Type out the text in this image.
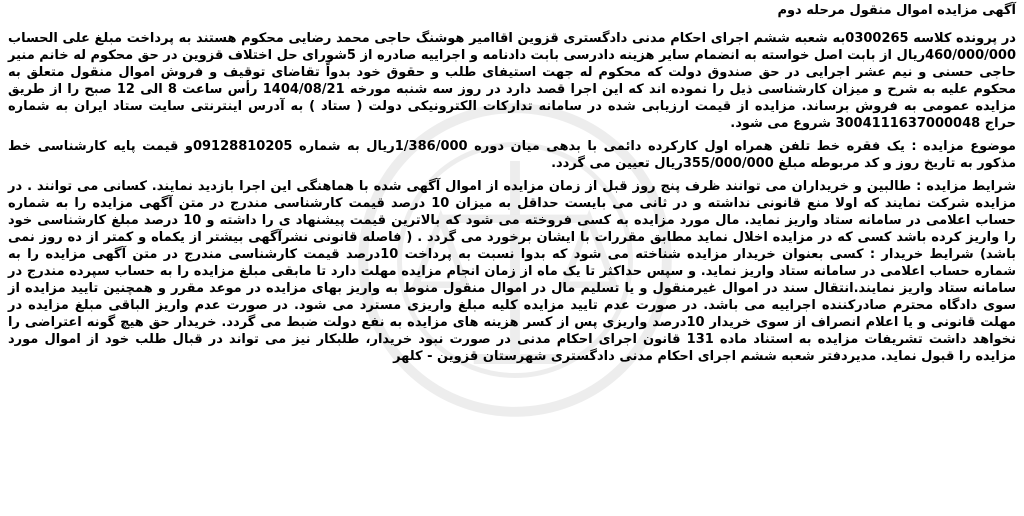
آگهی مزایده اموال منقول مرحله دوم
در پرونده کلاسه 0300265به شعبه ششم اجرای احکام مدنی دادگستری قزوین اقاامیر هوشنگ حاجی محمد رضایی محکوم هستند به پرداخت مبلغ علی الحساب 460/000/000ریال از بابت اصل خواسته به انضمام سایر هزینه دادرسی بابت دادنامه و اجراییه صادره از 5شورای حل اختلاف قزوین در حق محکوم له خانم منیر حاجی حسنی و نیم عشر اجرایی در حق صندوق دولت که محکوم له جهت استیفای طلب و حقوق خود بدواً تقاضای توقیف و فروش اموال منقول متعلق به محکوم علیه به شرح و میزان کارشناسی ذیل را نموده اند که این اجرا قصد دارد در روز سه شنبه مورخه 1404/08/21 رأس ساعت 8 الی 12 صبح را از طریق مزایده عمومی به فروش برساند. مزایده از قیمت ارزیابی شده در سامانه تدارکات الکترونیکی دولت ( ستاد ) به آدرس اینترنتی سایت ستاد ایران به شماره حراج 3004111637000048 شروع می شود.
موضوع مزایده : یک فقره خط تلفن همراه اول کارکرده دائمی با بدهی میان دوره 1/386/000ریال به شماره 09128810205و قیمت پایه کارشناسی خط مذکور به تاریخ روز و کد مربوطه مبلغ 355/000/000ریال تعیین می گردد.
شرایط مزایده : طالبین و خریداران می توانند ظرف پنج روز قبل از زمان مزایده از اموال آگهی شده با هماهنگی این اجرا بازدید نمایند. کسانی می توانند . در مزایده شرکت نمایند که اولا منع قانونی نداشته و در ثانی می بایست حداقل به میزان 10 درصد قیمت کارشناسی مندرج در متن آگهی مزایده را به شماره حساب اعلامی در سامانه ستاد واریز نماید. مال مورد مزایده به کسی فروخته می شود که بالاترین قیمت پیشنهاد ی را داشته و 10 درصد مبلغ کارشناسی خود را واریز کرده باشد کسی که در مزایده اخلال نماید مطابق مقررات با ایشان برخورد می گردد . ( فاصله قانونی نشرآگهی بیشتر از یکماه و کمتر از ده روز نمی باشد) شرایط خریدار : کسی بعنوان خریدار مزایده شناخته می شود که بدوا نسبت به پرداخت 10درصد قیمت کارشناسی مندرج در متن آگهی مزایده را به شماره حساب اعلامی در سامانه ستاد واریز نماید. و سپس حداکثر تا یک ماه از زمان انجام مزایده مهلت دارد تا مابقی مبلغ مزایده را به حساب سپرده مندرج در سامانه ستاد واریز نمایند.انتقال سند در اموال غیرمنقول و یا تسلیم مال در اموال منقول منوط به واریز بهای مزایده در موعد مقرر و همچنین تایید مزایده از سوی دادگاه محترم صادرکننده اجراییه می باشد. در صورت عدم تایید مزایده کلیه مبلغ واریزی مسترد می شود. در صورت عدم واریز الباقی مبلغ مزایده در مهلت قانونی و یا اعلام انصراف از سوی خریدار 10درصد واریزی پس از کسر هزینه های مزایده به نفع دولت ضبط می گردد. خریدار حق هیچ گونه اعتراضی را نخواهد داشت تشریفات مزایده به استناد ماده 131 قانون اجرای احکام مدنی در صورت نبود خریدار، طلبکار نیز می تواند در قبال طلب خود از اموال مورد مزایده را قبول نماید. مدیردفتر شعبه ششم اجرای احکام مدنی دادگستری شهرستان قزوین - کلهر
